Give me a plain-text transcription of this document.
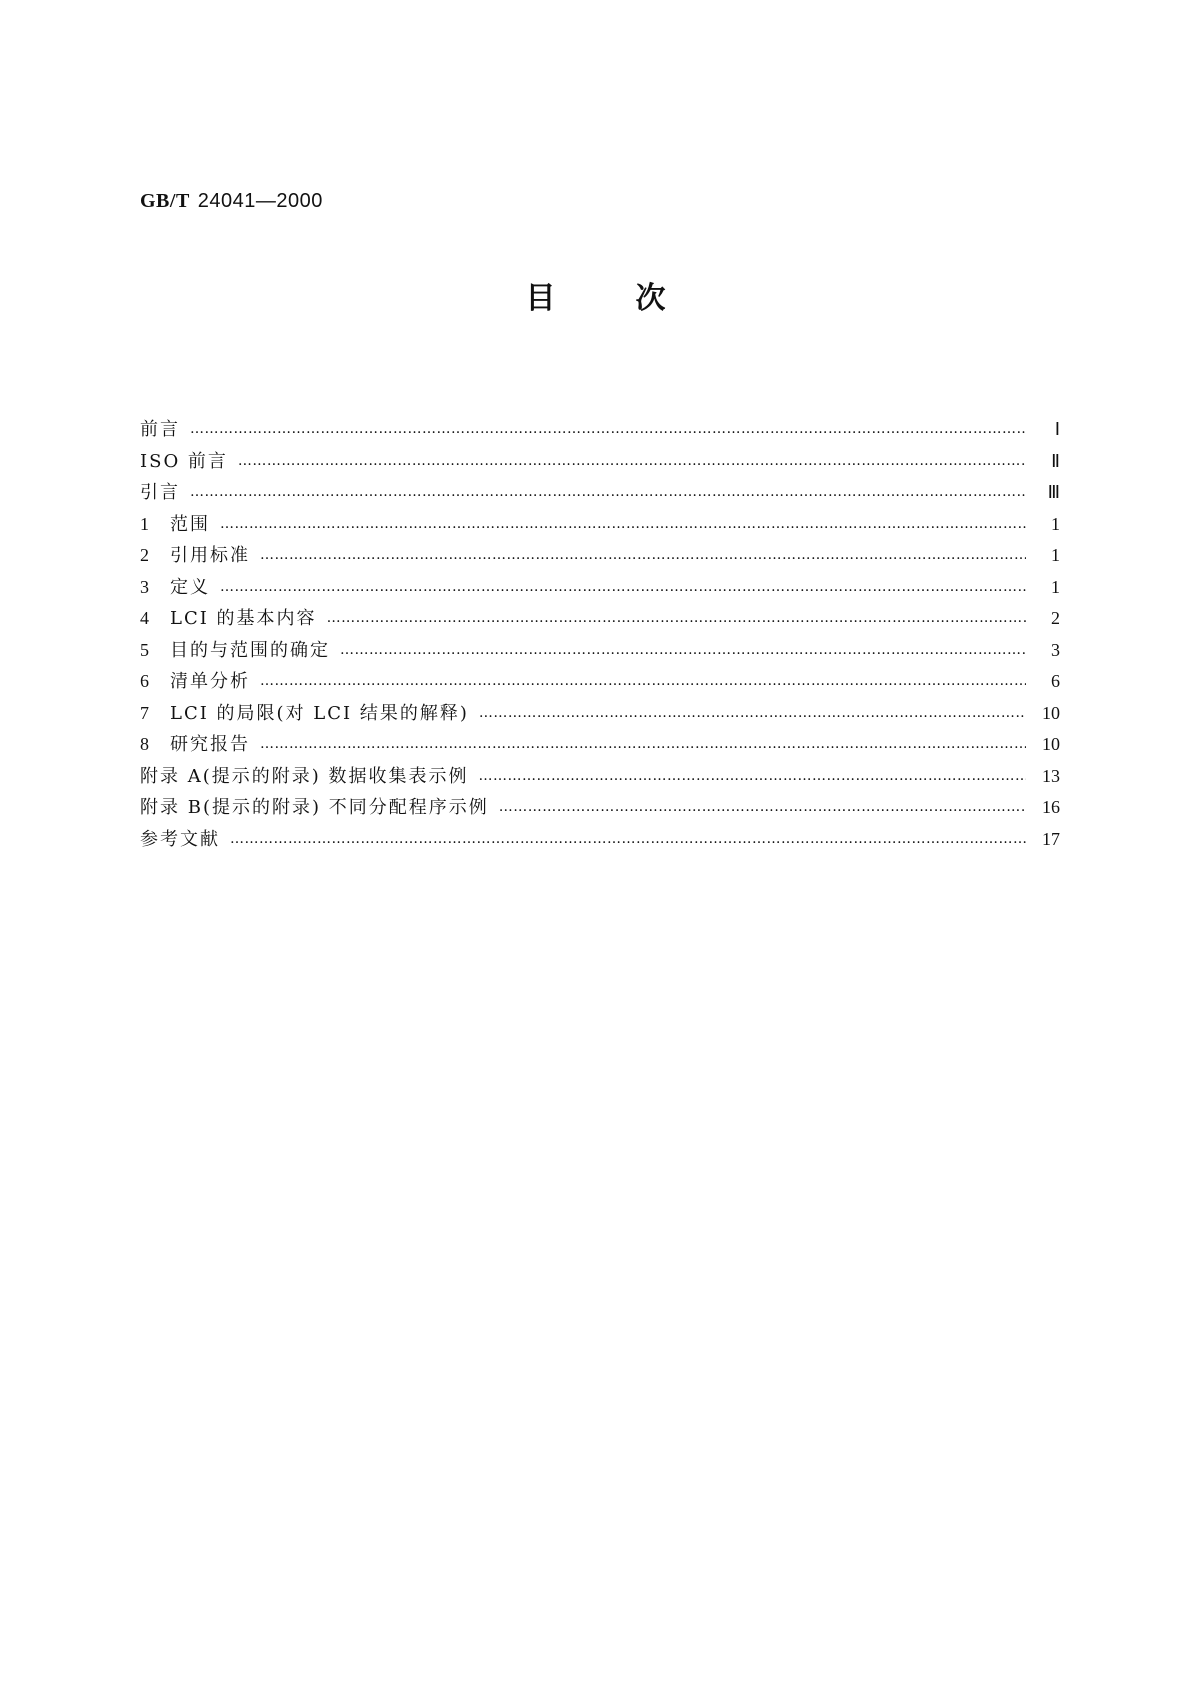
GB/T 24041—2000
目次
前言 ……………………………………………………………………………………………………………………………………………………………………………………………………	Ⅰ
ISO 前言 ……………………………………………………………………………………………………………………………………………………………………………………………………	Ⅱ
引言 ……………………………………………………………………………………………………………………………………………………………………………………………………	Ⅲ
1	范围 ……………………………………………………………………………………………………………………………………………………………………………………………………	1
2	引用标准 ……………………………………………………………………………………………………………………………………………………………………………………………………	1
3	定义 ……………………………………………………………………………………………………………………………………………………………………………………………………	1
4	LCI 的基本内容 ……………………………………………………………………………………………………………………………………………………………………………………………………	2
5	目的与范围的确定 ……………………………………………………………………………………………………………………………………………………………………………………………………	3
6	清单分析 ……………………………………………………………………………………………………………………………………………………………………………………………………	6
7	LCI 的局限(对 LCI 结果的解释) ……………………………………………………………………………………………………………………………………………………………………………………………………	10
8	研究报告 ……………………………………………………………………………………………………………………………………………………………………………………………………	10
附录 A(提示的附录) 数据收集表示例 ……………………………………………………………………………………………………………………………………………………………………………………………………	13
附录 B(提示的附录) 不同分配程序示例 ……………………………………………………………………………………………………………………………………………………………………………………………………	16
参考文献 ……………………………………………………………………………………………………………………………………………………………………………………………………	17
